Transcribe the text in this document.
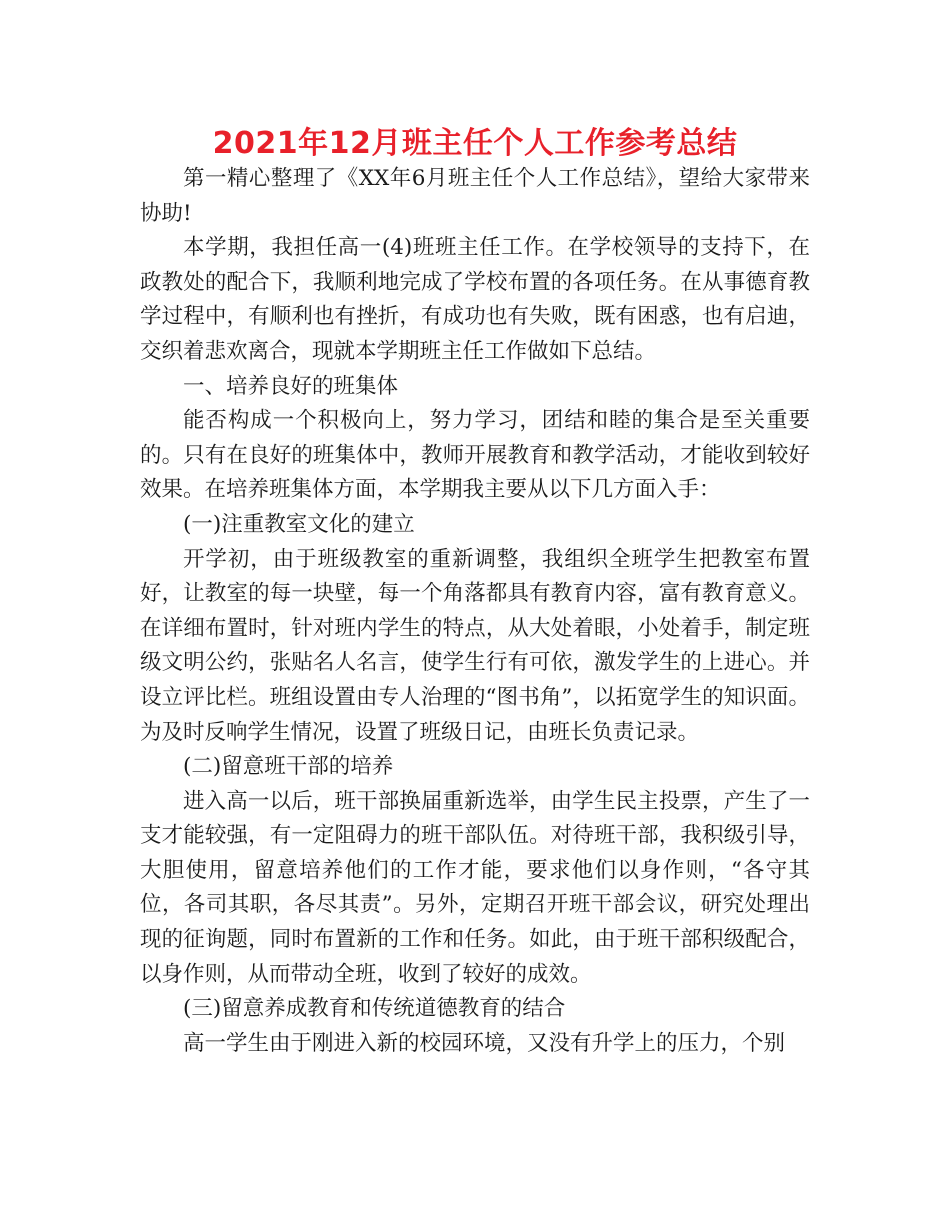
2021年12月班主任个人工作参考总结

第一精心整理了《XX年6月班主任个人工作总结》，望给大家带来协助!

本学期，我担任高一(4)班班主任工作。在学校领导的支持下，在政教处的配合下，我顺利地完成了学校布置的各项任务。在从事德育教学过程中，有顺利也有挫折，有成功也有失败，既有困惑，也有启迪，交织着悲欢离合，现就本学期班主任工作做如下总结。

一、培养良好的班集体

能否构成一个积极向上，努力学习，团结和睦的集合是至关重要的。只有在良好的班集体中，教师开展教育和教学活动，才能收到较好效果。在培养班集体方面，本学期我主要从以下几方面入手：

(一)注重教室文化的建立

开学初，由于班级教室的重新调整，我组织全班学生把教室布置好，让教室的每一块壁，每一个角落都具有教育内容，富有教育意义。在详细布置时，针对班内学生的特点，从大处着眼，小处着手，制定班级文明公约，张贴名人名言，使学生行有可依，激发学生的上进心。并设立评比栏。班组设置由专人治理的“图书角”，以拓宽学生的知识面。为及时反响学生情况，设置了班级日记，由班长负责记录。

(二)留意班干部的培养

进入高一以后，班干部换届重新选举，由学生民主投票，产生了一支才能较强，有一定阻碍力的班干部队伍。对待班干部，我积级引导，大胆使用，留意培养他们的工作才能，要求他们以身作则，“各守其位，各司其职，各尽其责”。另外，定期召开班干部会议，研究处理出现的征询题，同时布置新的工作和任务。如此，由于班干部积级配合，以身作则，从而带动全班，收到了较好的成效。

(三)留意养成教育和传统道德教育的结合

高一学生由于刚进入新的校园环境，又没有升学上的压力，个别
